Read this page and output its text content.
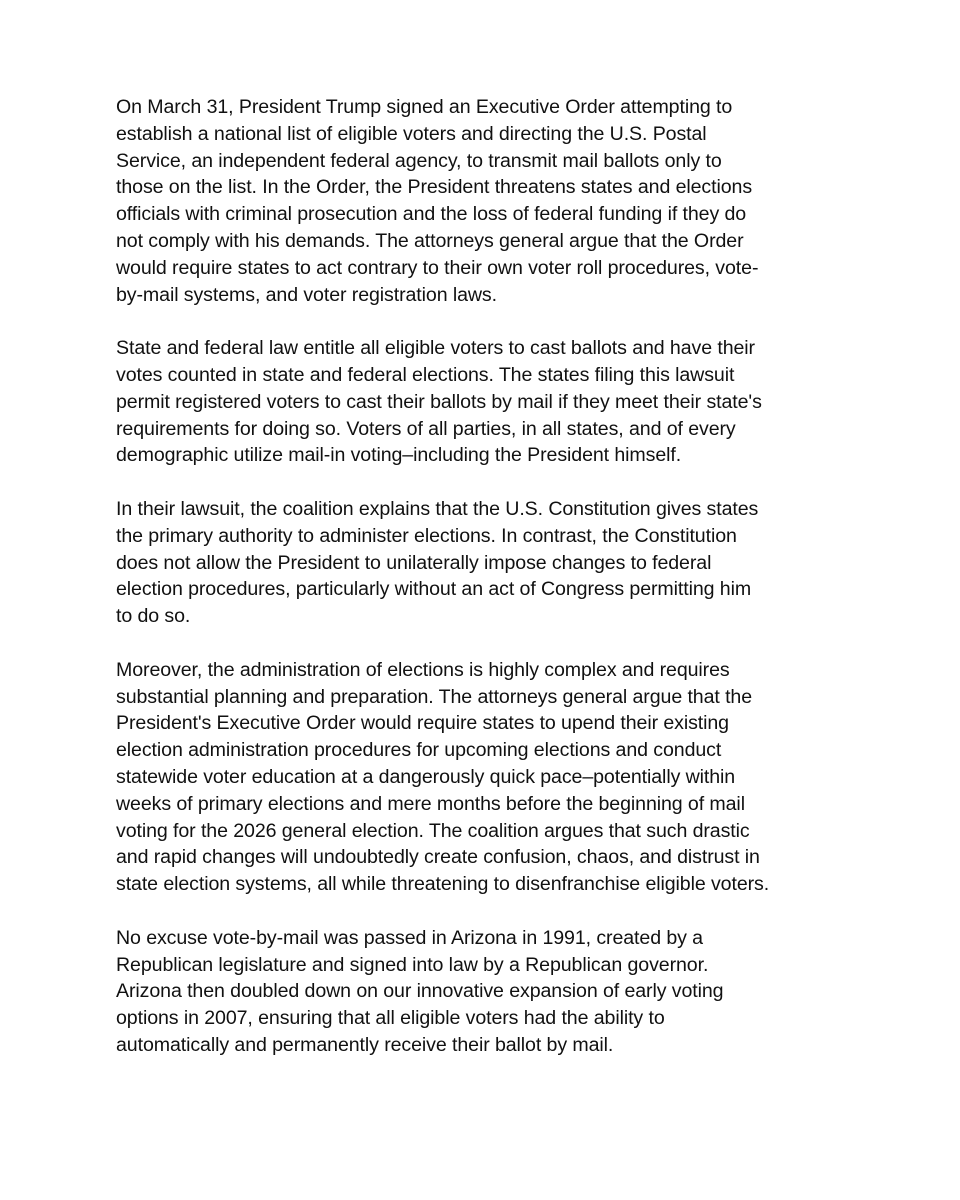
On March 31, President Trump signed an Executive Order attempting to
establish a national list of eligible voters and directing the U.S. Postal
Service, an independent federal agency, to transmit mail ballots only to
those on the list. In the Order, the President threatens states and elections
officials with criminal prosecution and the loss of federal funding if they do
not comply with his demands. The attorneys general argue that the Order
would require states to act contrary to their own voter roll procedures, vote-
by-mail systems, and voter registration laws.
State and federal law entitle all eligible voters to cast ballots and have their
votes counted in state and federal elections. The states filing this lawsuit
permit registered voters to cast their ballots by mail if they meet their state's
requirements for doing so. Voters of all parties, in all states, and of every
demographic utilize mail-in voting–including the President himself.
In their lawsuit, the coalition explains that the U.S. Constitution gives states
the primary authority to administer elections. In contrast, the Constitution
does not allow the President to unilaterally impose changes to federal
election procedures, particularly without an act of Congress permitting him
to do so.
Moreover, the administration of elections is highly complex and requires
substantial planning and preparation. The attorneys general argue that the
President's Executive Order would require states to upend their existing
election administration procedures for upcoming elections and conduct
statewide voter education at a dangerously quick pace–potentially within
weeks of primary elections and mere months before the beginning of mail
voting for the 2026 general election. The coalition argues that such drastic
and rapid changes will undoubtedly create confusion, chaos, and distrust in
state election systems, all while threatening to disenfranchise eligible voters.
No excuse vote-by-mail was passed in Arizona in 1991, created by a
Republican legislature and signed into law by a Republican governor.
Arizona then doubled down on our innovative expansion of early voting
options in 2007, ensuring that all eligible voters had the ability to
automatically and permanently receive their ballot by mail.
